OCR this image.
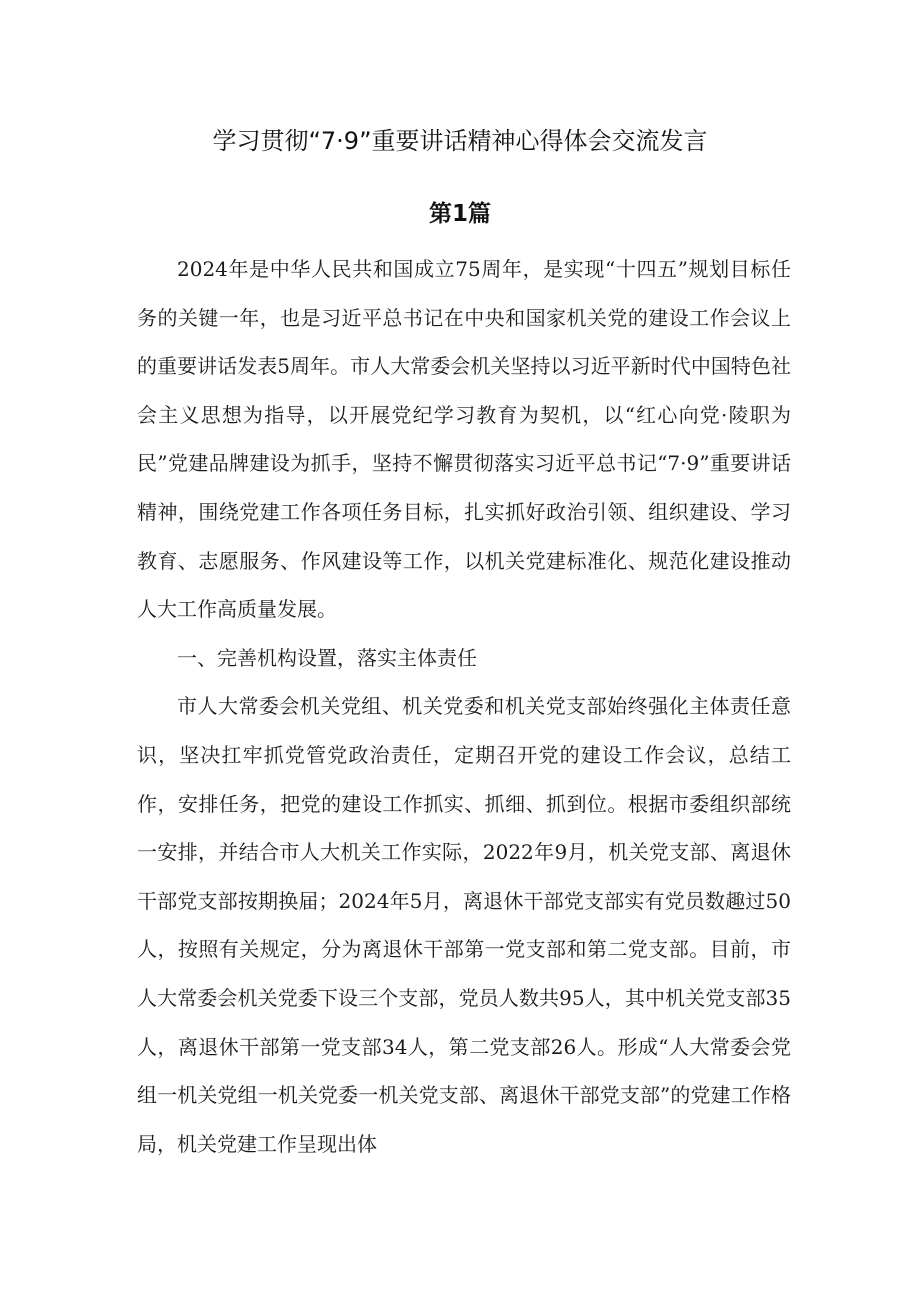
学习贯彻“7·9”重要讲话精神心得体会交流发言
第1篇

2024年是中华人民共和国成立75周年，是实现“十四五”规划目标任务的关键一年，也是习近平总书记在中央和国家机关党的建设工作会议上的重要讲话发表5周年。市人大常委会机关坚持以习近平新时代中国特色社会主义思想为指导，以开展党纪学习教育为契机，以“红心向党·陵职为民”党建品牌建设为抓手，坚持不懈贯彻落实习近平总书记“7·9”重要讲话精神，围绕党建工作各项任务目标，扎实抓好政治引领、组织建设、学习教育、志愿服务、作风建设等工作，以机关党建标准化、规范化建设推动人大工作高质量发展。

一、完善机构设置，落实主体责任

市人大常委会机关党组、机关党委和机关党支部始终强化主体责任意识，坚决扛牢抓党管党政治责任，定期召开党的建设工作会议，总结工作，安排任务，把党的建设工作抓实、抓细、抓到位。根据市委组织部统一安排，并结合市人大机关工作实际，2022年9月，机关党支部、离退休干部党支部按期换届；2024年5月，离退休干部党支部实有党员数趣过50人，按照有关规定，分为离退休干部第一党支部和第二党支部。目前，市人大常委会机关党委下设三个支部，党员人数共95人，其中机关党支部35人，离退休干部第一党支部34人，第二党支部26人。形成“人大常委会党组一机关党组一机关党委一机关党支部、离退休干部党支部”的党建工作格局，机关党建工作呈现出体
